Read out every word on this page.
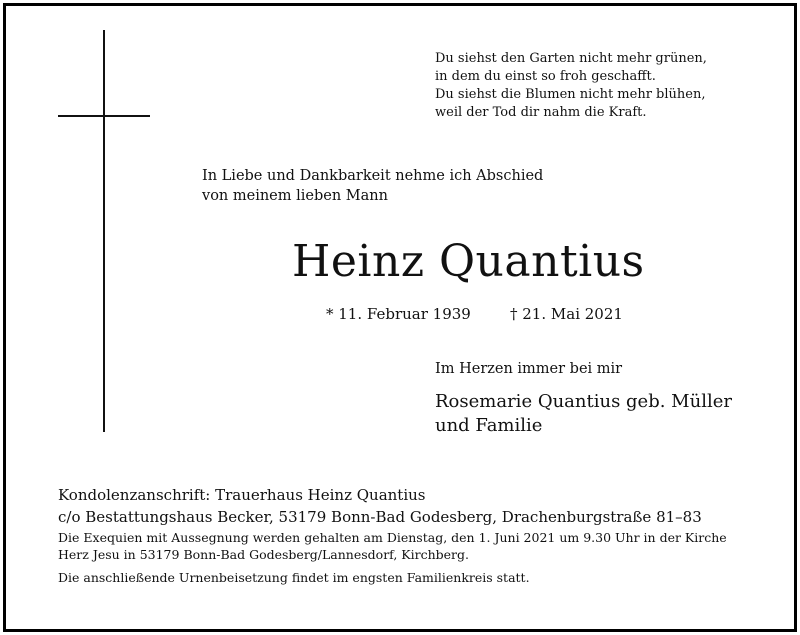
Du siehst den Garten nicht mehr grünen,
in dem du einst so froh geschafft.
Du siehst die Blumen nicht mehr blühen,
weil der Tod dir nahm die Kraft.
In Liebe und Dankbarkeit nehme ich Abschied
von meinem lieben Mann
Heinz Quantius
* 11. Februar 1939	† 21. Mai 2021
Im Herzen immer bei mir
Rosemarie Quantius geb. Müller
und Familie
Kondolenzanschrift: Trauerhaus Heinz Quantius
c/o Bestattungshaus Becker, 53179 Bonn-Bad Godesberg, Drachenburgstraße 81–83
Die Exequien mit Aussegnung werden gehalten am Dienstag, den 1. Juni 2021 um 9.30 Uhr in der Kirche
Herz Jesu in 53179 Bonn-Bad Godesberg/Lannesdorf, Kirchberg.
Die anschließende Urnenbeisetzung findet im engsten Familienkreis statt.
